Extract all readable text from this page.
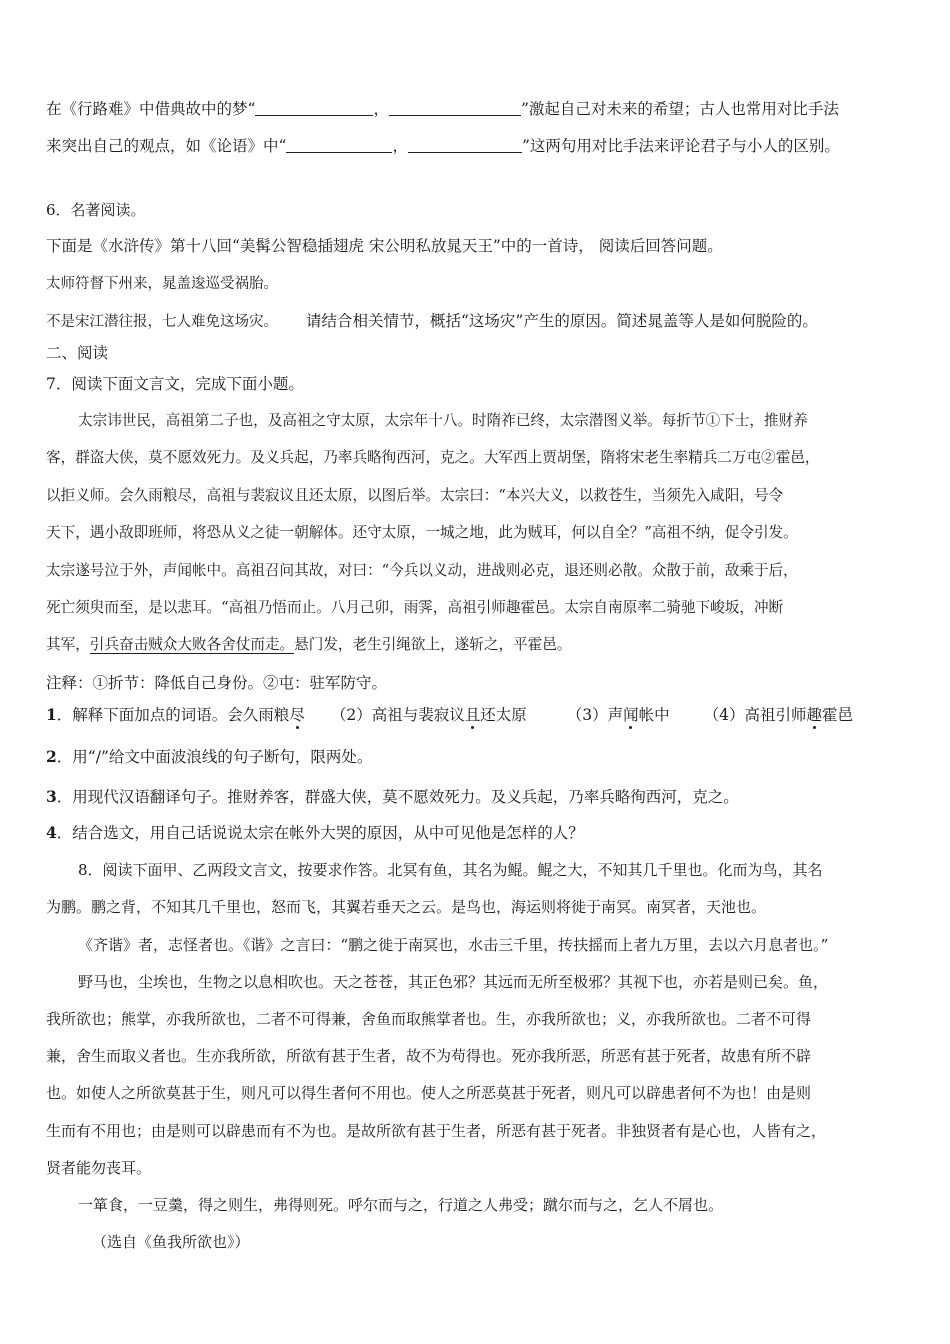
在《行路难》中借典故中的梦“	，	”激起自己对未来的希望；古人也常用对比手法
来突出自己的观点，如《论语》中“	，	”这两句用对比手法来评论君子与小人的区别。
6．名著阅读。
下面是《水浒传》第十八回“美髯公智稳插翅虎 宋公明私放晁天王”中的一首诗， 阅读后回答问题。
太师符督下州来，晁盖逡巡受祸胎。
不是宋江潜往报，七人难免这场灾。 请结合相关情节，概括“这场灾”产生的原因。简述晁盖等人是如何脱险的。
二、阅读
7．阅读下面文言文，完成下面小题。
太宗讳世民，高祖第二子也，及高祖之守太原，太宗年十八。时隋祚已终，太宗潜图义举。每折节①下士，推财养
客，群盗大侠，莫不愿效死力。及义兵起，乃率兵略徇西河，克之。大军西上贾胡堡，隋将宋老生率精兵二万屯②霍邑，
以拒义师。会久雨粮尽，高祖与裴寂议且还太原，以图后举。太宗曰：“本兴大义，以救苍生，当须先入咸阳，号令
天下，遇小敌即班师，将恐从义之徒一朝解体。还守太原，一城之地，此为贼耳，何以自全？”高祖不纳，促令引发。
太宗遂号泣于外，声闻帐中。高祖召问其故，对曰：“今兵以义动，进战则必克，退还则必散。众散于前，敌乘于后，
死亡须臾而至，是以悲耳。“高祖乃悟而止。八月己卯，雨霁，高祖引师趣霍邑。太宗自南原率二骑驰下峻坂，冲断
其军，引兵奋击贼众大败各舍仗而走。悬门发，老生引绳欲上，遂斩之，平霍邑。
注释：①折节：降低自己身份。②屯：驻军防守。
1．解释下面加点的词语。会久雨粮尽 （2）高祖与裴寂议且还太原	（3）声闻帐中 （4）高祖引师趣霍邑
2．用“/”给文中面波浪线的句子断句，限两处。
3．用现代汉语翻译句子。推财养客，群盛大侠，莫不愿效死力。及义兵起，乃率兵略徇西河，克之。
4．结合选文，用自己话说说太宗在帐外大哭的原因，从中可见他是怎样的人？
8．阅读下面甲、乙两段文言文，按要求作答。北冥有鱼，其名为鲲。鲲之大，不知其几千里也。化而为鸟，其名
为鹏。鹏之背，不知其几千里也，怒而飞，其翼若垂天之云。是鸟也，海运则将徙于南冥。南冥者，天池也。
《齐谐》者，志怪者也。《谐》之言曰：“鹏之徙于南冥也，水击三千里，抟扶摇而上者九万里，去以六月息者也。”
野马也，尘埃也，生物之以息相吹也。天之苍苍，其正色邪？其远而无所至极邪？其视下也，亦若是则已矣。鱼，
我所欲也；熊掌，亦我所欲也，二者不可得兼，舍鱼而取熊掌者也。生，亦我所欲也；义，亦我所欲也。二者不可得
兼，舍生而取义者也。生亦我所欲，所欲有甚于生者，故不为苟得也。死亦我所恶，所恶有甚于死者，故患有所不辟
也。如使人之所欲莫甚于生，则凡可以得生者何不用也。使人之所恶莫甚于死者，则凡可以辟患者何不为也！由是则
生而有不用也；由是则可以辟患而有不为也。是故所欲有甚于生者，所恶有甚于死者。非独贤者有是心也，人皆有之，
贤者能勿丧耳。
一箪食，一豆羹，得之则生，弗得则死。呼尔而与之，行道之人弗受；蹴尔而与之，乞人不屑也。
（选自《鱼我所欲也》）
